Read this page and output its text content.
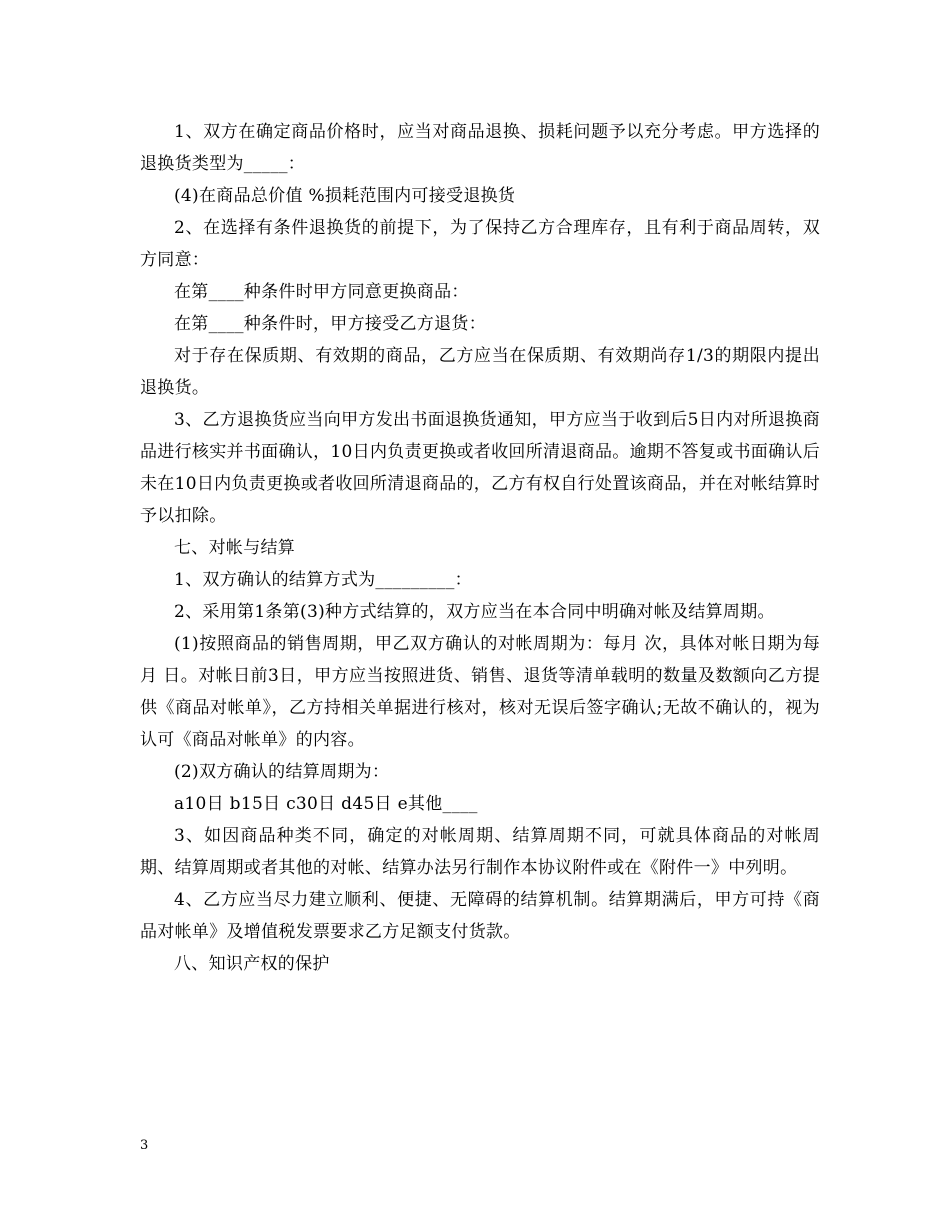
1、双方在确定商品价格时，应当对商品退换、损耗问题予以充分考虑。甲方选择的退换货类型为_____：

(4)在商品总价值 %损耗范围内可接受退换货

2、在选择有条件退换货的前提下，为了保持乙方合理库存，且有利于商品周转，双方同意：

在第____种条件时甲方同意更换商品：

在第____种条件时，甲方接受乙方退货：

对于存在保质期、有效期的商品，乙方应当在保质期、有效期尚存1/3的期限内提出退换货。

3、乙方退换货应当向甲方发出书面退换货通知，甲方应当于收到后5日内对所退换商品进行核实并书面确认，10日内负责更换或者收回所清退商品。逾期不答复或书面确认后未在10日内负责更换或者收回所清退商品的，乙方有权自行处置该商品，并在对帐结算时予以扣除。

七、对帐与结算

1、双方确认的结算方式为_________：

2、采用第1条第(3)种方式结算的，双方应当在本合同中明确对帐及结算周期。

(1)按照商品的销售周期，甲乙双方确认的对帐周期为：每月 次，具体对帐日期为每月 日。对帐日前3日，甲方应当按照进货、销售、退货等清单载明的数量及数额向乙方提供《商品对帐单》，乙方持相关单据进行核对，核对无误后签字确认;无故不确认的，视为认可《商品对帐单》的内容。

(2)双方确认的结算周期为：

a10日 b15日 c30日 d45日 e其他____

3、如因商品种类不同，确定的对帐周期、结算周期不同，可就具体商品的对帐周期、结算周期或者其他的对帐、结算办法另行制作本协议附件或在《附件一》中列明。

4、乙方应当尽力建立顺利、便捷、无障碍的结算机制。结算期满后，甲方可持《商品对帐单》及增值税发票要求乙方足额支付货款。

八、知识产权的保护

3
